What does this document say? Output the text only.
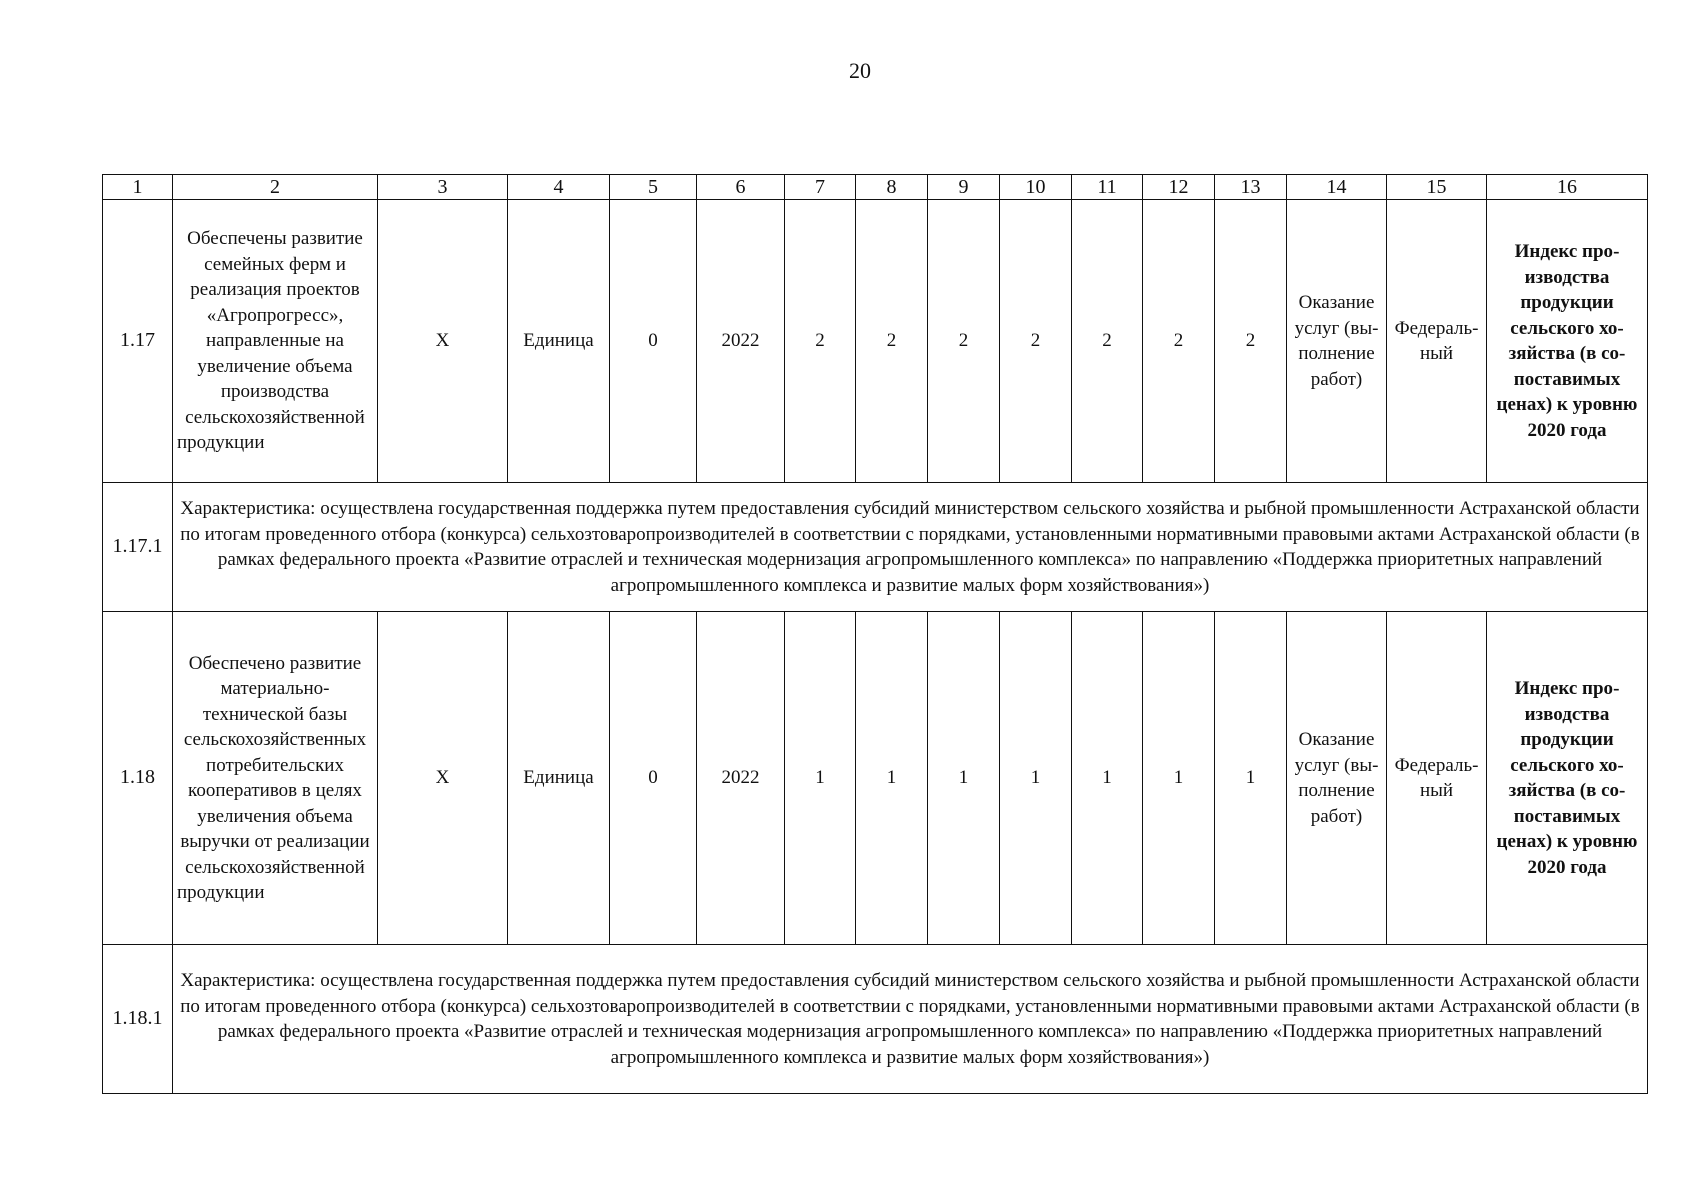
20
1	2	3	4	5	6	7	8	9	10	11	12	13	14	15	16
1.17	Обеспечены развитие семейных ферм и реализация проектов «Агропрогресс», направленные на увеличение объема производства сельскохозяйственной продукции	Х	Единица	0	2022	2	2	2	2	2	2	2	Оказание услуг (выполнение работ)	Федеральный	Индекс производства продукции сельского хозяйства (в сопоставимых ценах) к уровню 2020 года
1.17.1	Характеристика: осуществлена государственная поддержка путем предоставления субсидий министерством сельского хозяйства и рыбной промышленности Астраханской области по итогам проведенного отбора (конкурса) сельхозтоваропроизводителей в соответствии с порядками, установленными нормативными правовыми актами Астраханской области (в рамках федерального проекта «Развитие отраслей и техническая модернизация агропромышленного комплекса» по направлению «Поддержка приоритетных направлений агропромышленного комплекса и развитие малых форм хозяйствования»)														
1.18	Обеспечено развитие материально-технической базы сельскохозяйственных потребительских кооперативов в целях увеличения объема выручки от реализации сельскохозяйственной продукции	Х	Единица	0	2022	1	1	1	1	1	1	1	Оказание услуг (выполнение работ)	Федеральный	Индекс производства продукции сельского хозяйства (в сопоставимых ценах) к уровню 2020 года
1.18.1	Характеристика: осуществлена государственная поддержка путем предоставления субсидий министерством сельского хозяйства и рыбной промышленности Астраханской области по итогам проведенного отбора (конкурса) сельхозтоваропроизводителей в соответствии с порядками, установленными нормативными правовыми актами Астраханской области (в рамках федерального проекта «Развитие отраслей и техническая модернизация агропромышленного комплекса» по направлению «Поддержка приоритетных направлений агропромышленного комплекса и развитие малых форм хозяйствования»)														
